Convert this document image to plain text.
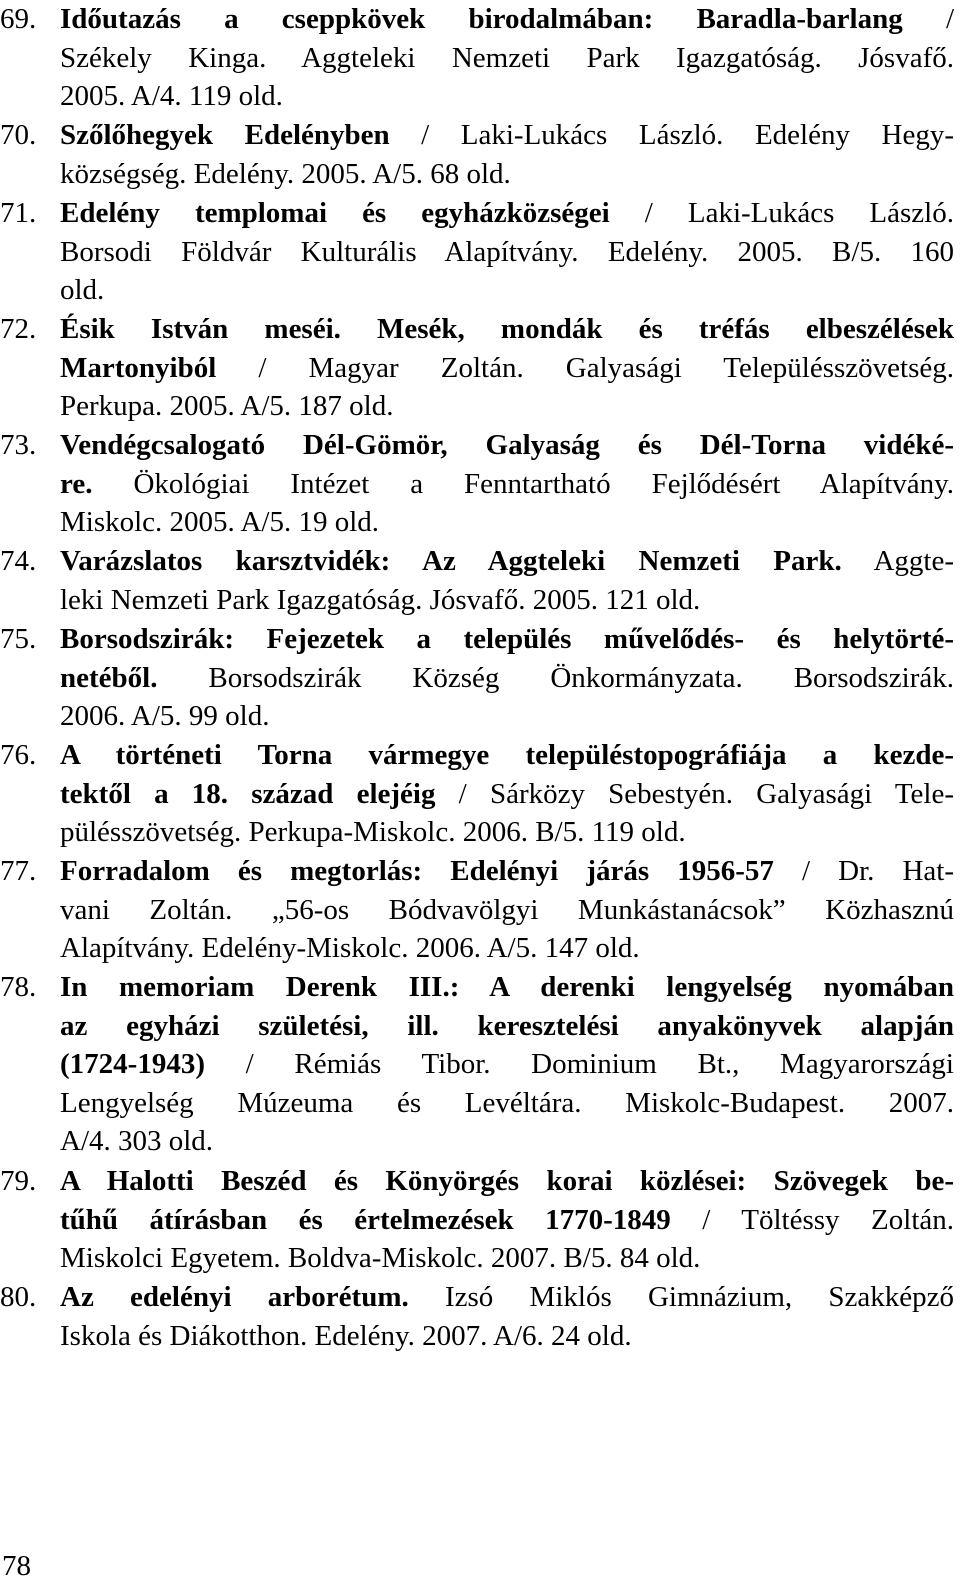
69. Időutazás a cseppkövek birodalmában: Baradla-barlang /
Székely Kinga. Aggteleki Nemzeti Park Igazgatóság. Jósvafő.
2005. A/4. 119 old.
70. Szőlőhegyek Edelényben / Laki-Lukács László. Edelény Hegy-
községség. Edelény. 2005. A/5. 68 old.
71. Edelény templomai és egyházközségei / Laki-Lukács László.
Borsodi Földvár Kulturális Alapítvány. Edelény. 2005. B/5. 160
old.
72. Ésik István meséi. Mesék, mondák és tréfás elbeszélések
Martonyiból / Magyar Zoltán. Galyasági Településszövetség.
Perkupa. 2005. A/5. 187 old.
73. Vendégcsalogató Dél-Gömör, Galyaság és Dél-Torna vidéké-
re. Ökológiai Intézet a Fenntartható Fejlődésért Alapítvány.
Miskolc. 2005. A/5. 19 old.
74. Varázslatos karsztvidék: Az Aggteleki Nemzeti Park. Aggte-
leki Nemzeti Park Igazgatóság. Jósvafő. 2005. 121 old.
75. Borsodszirák: Fejezetek a település művelődés- és helytörté-
netéből. Borsodszirák Község Önkormányzata. Borsodszirák.
2006. A/5. 99 old.
76. A történeti Torna vármegye településtopográfiája a kezde-
tektől a 18. század elejéig / Sárközy Sebestyén. Galyasági Tele-
pülésszövetség. Perkupa-Miskolc. 2006. B/5. 119 old.
77. Forradalom és megtorlás: Edelényi járás 1956-57 / Dr. Hat-
vani Zoltán. „56-os Bódvavölgyi Munkástanácsok” Közhasznú
Alapítvány. Edelény-Miskolc. 2006. A/5. 147 old.
78. In memoriam Derenk III.: A derenki lengyelség nyomában
az egyházi születési, ill. keresztelési anyakönyvek alapján
(1724-1943) / Rémiás Tibor. Dominium Bt., Magyarországi
Lengyelség Múzeuma és Levéltára. Miskolc-Budapest. 2007.
A/4. 303 old.
79. A Halotti Beszéd és Könyörgés korai közlései: Szövegek be-
tűhű átírásban és értelmezések 1770-1849 / Töltéssy Zoltán.
Miskolci Egyetem. Boldva-Miskolc. 2007. B/5. 84 old.
80. Az edelényi arborétum. Izsó Miklós Gimnázium, Szakképző
Iskola és Diákotthon. Edelény. 2007. A/6. 24 old.
78
